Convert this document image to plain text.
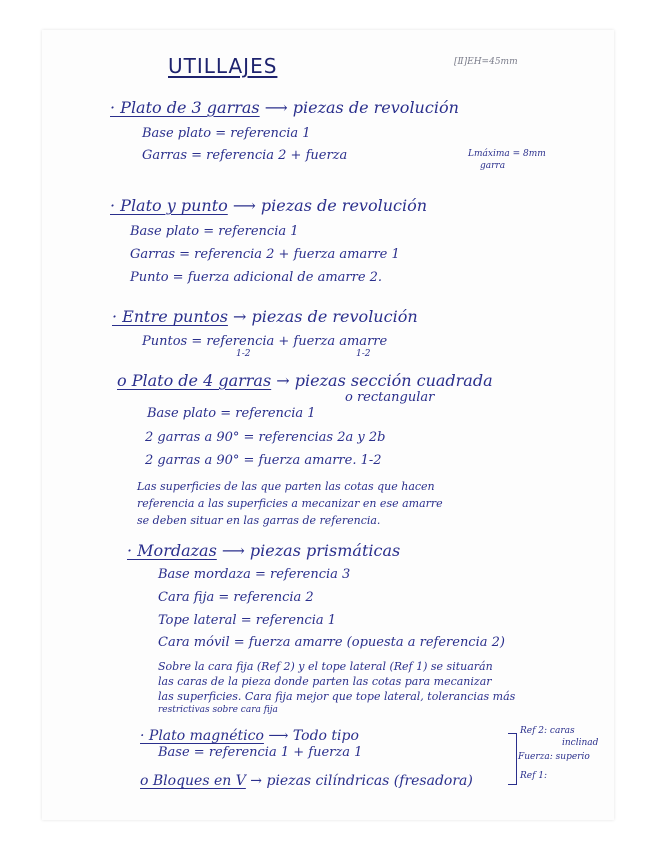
UTILLAJES	[Ⅱ]EH=45mm
· Plato de 3 garras ⟶ piezas de revolución
Base plato = referencia 1
Garras = referencia 2 + fuerza	Lmáxima = 8mm
garra
· Plato y punto ⟶ piezas de revolución
Base plato = referencia 1
Garras = referencia 2 + fuerza amarre 1
Punto = fuerza adicional de amarre 2.
· Entre puntos → piezas de revolución
Puntos = referencia + fuerza amarre
1-2	1-2
o Plato de 4 garras → piezas sección cuadrada
o rectangular
Base plato = referencia 1
2 garras a 90° = referencias 2a y 2b
2 garras a 90° = fuerza amarre. 1-2
Las superficies de las que parten las cotas que hacen
referencia a las superficies a mecanizar en ese amarre
se deben situar en las garras de referencia.
· Mordazas ⟶ piezas prismáticas
Base mordaza = referencia 3
Cara fija = referencia 2
Tope lateral = referencia 1
Cara móvil = fuerza amarre (opuesta a referencia 2)
Sobre la cara fija (Ref 2) y el tope lateral (Ref 1) se situarán
las caras de la pieza donde parten las cotas para mecanizar
las superficies. Cara fija mejor que tope lateral, tolerancias más
restrictivas sobre cara fija
· Plato magnético ⟶ Todo tipo
Base = referencia 1 + fuerza 1
o Bloques en V → piezas cilíndricas (fresadora)
Ref 2: caras
inclinad
Fuerza: superio
Ref 1:
